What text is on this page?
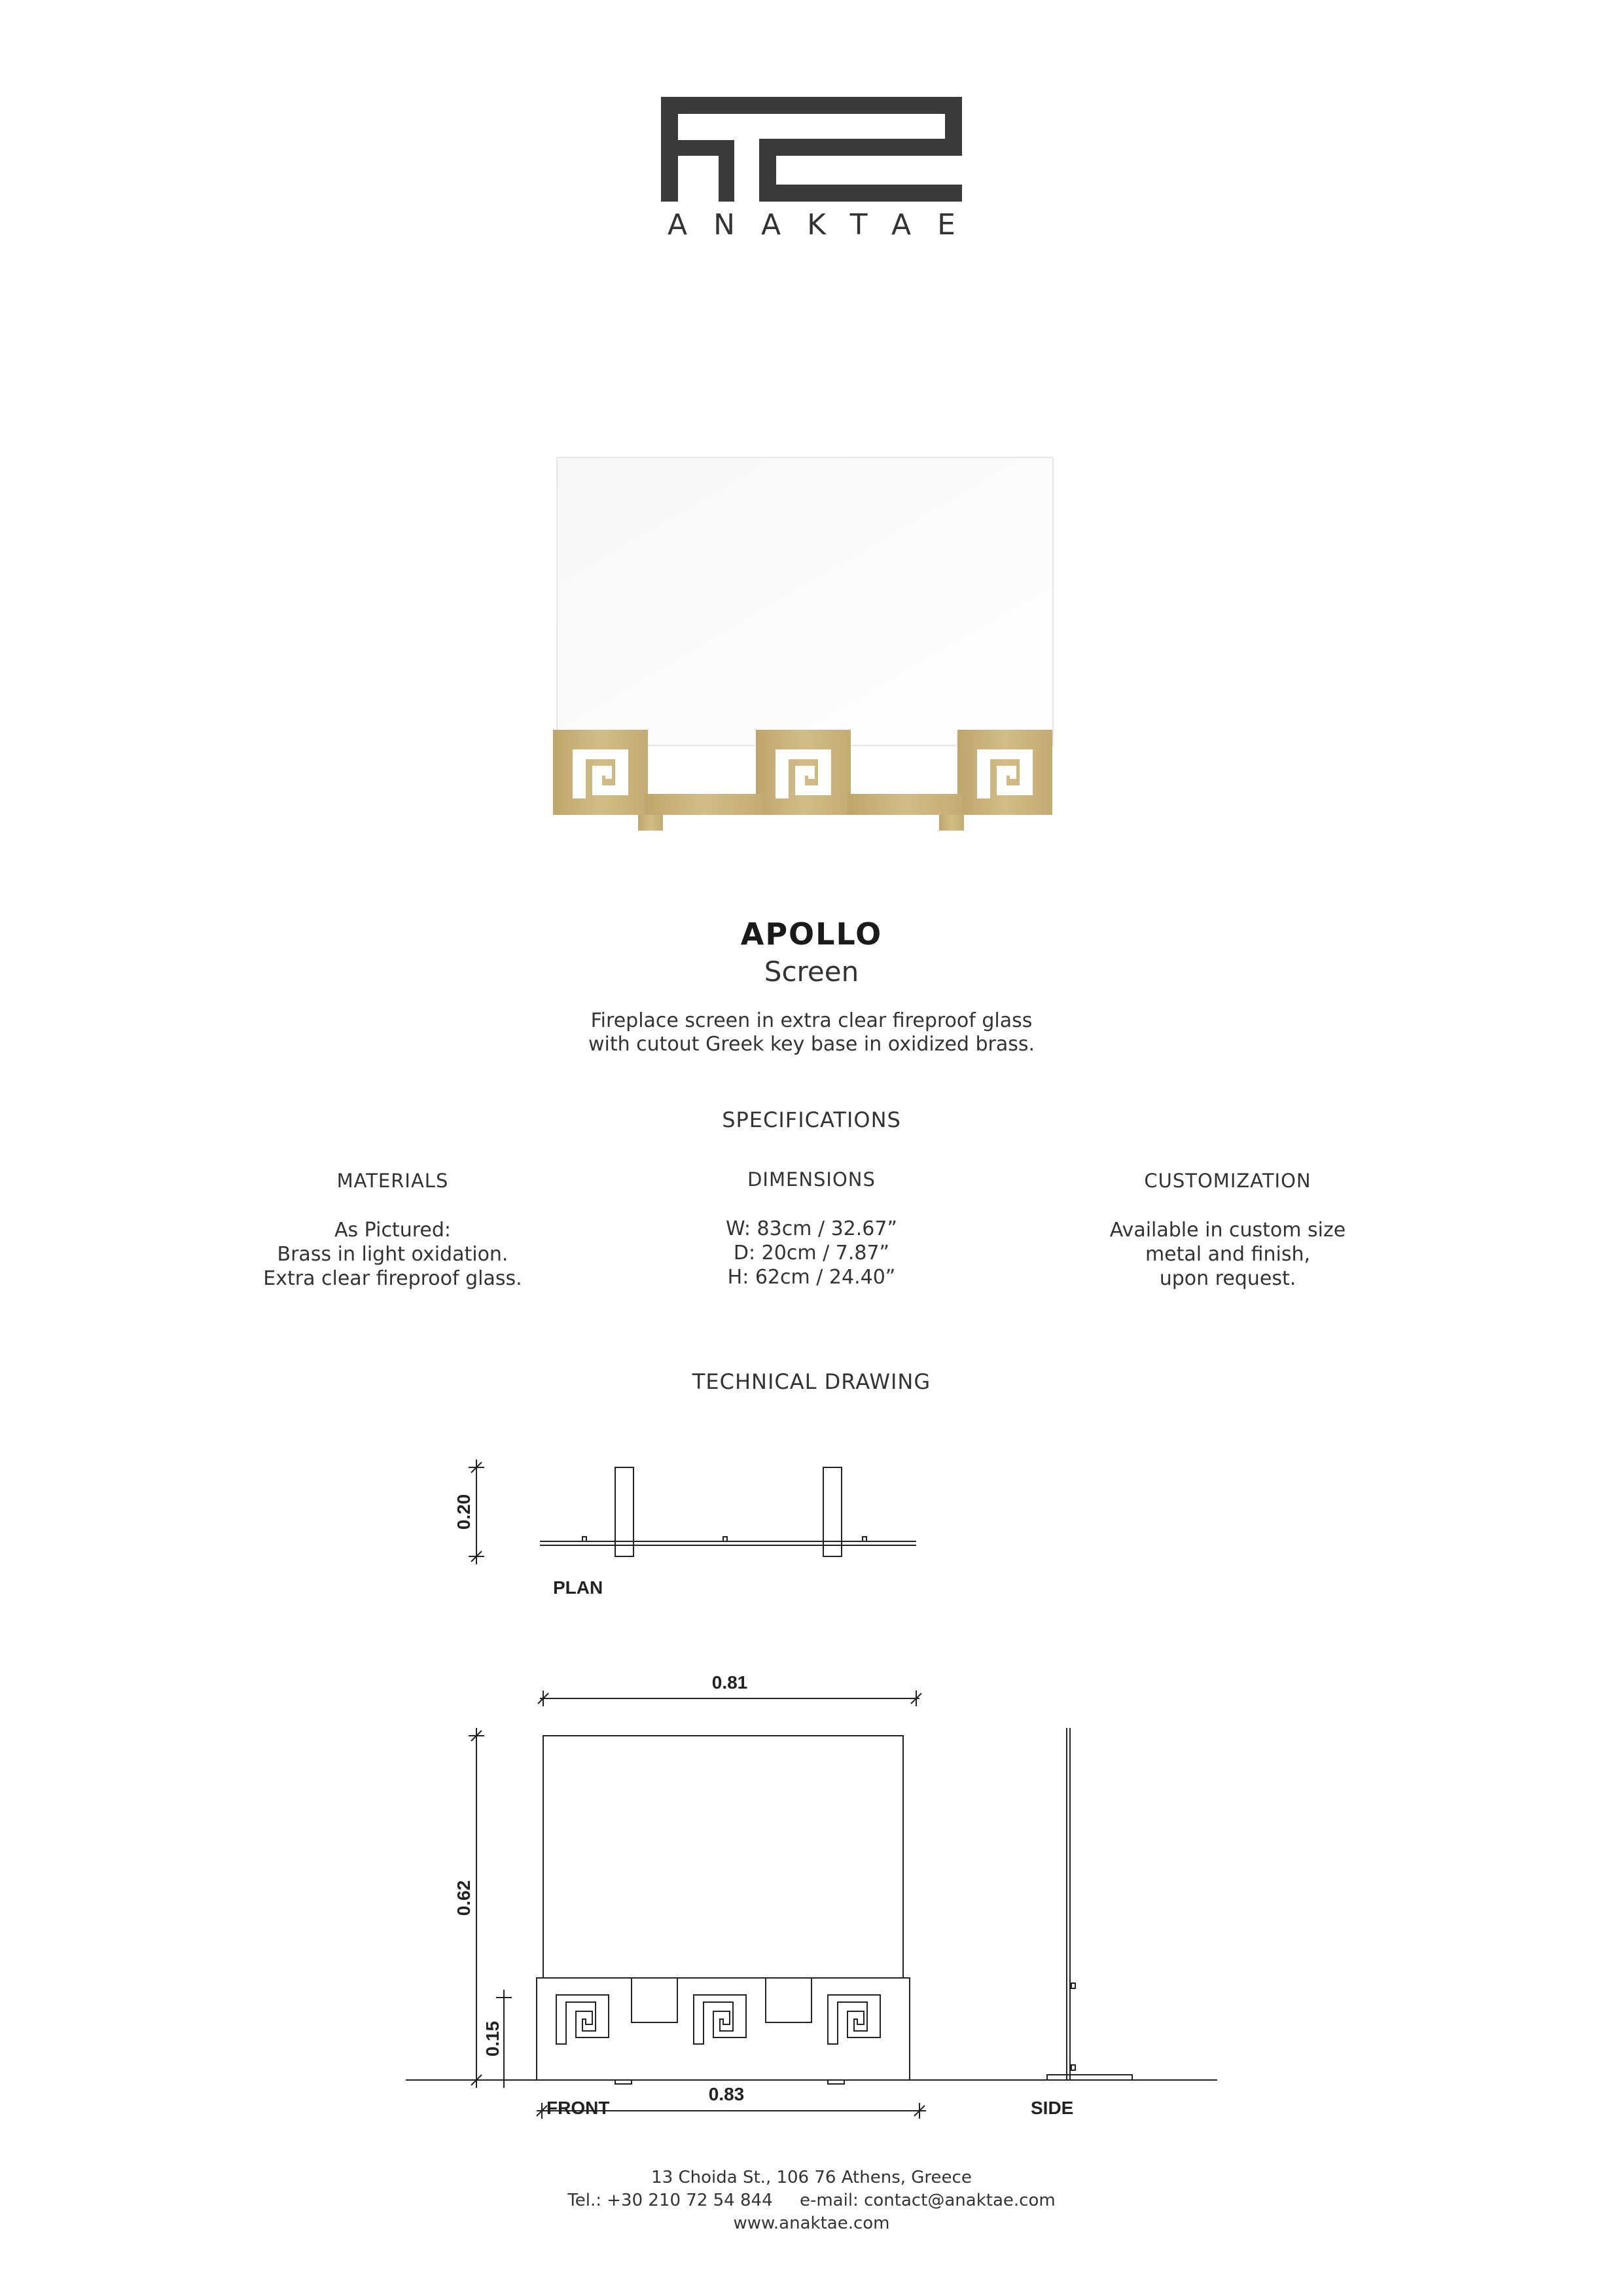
ANAKTAE
APOLLO
Screen
Fireplace screen in extra clear fireproof glass
with cutout Greek key base in oxidized brass.
SPECIFICATIONS
MATERIALS
As Pictured:
Brass in light oxidation.
Extra clear fireproof glass.
DIMENSIONS
W: 83cm / 32.67”
D: 20cm / 7.87”
H: 62cm / 24.40”
CUSTOMIZATION
Available in custom size
metal and finish,
upon request.
TECHNICAL DRAWING
0.20
PLAN
0.81
0.62
0.15
FRONT	SIDE
0.83
13 Choida St., 106 76 Athens, Greece
Tel.: +30 210 72 54 844 e-mail: contact@anaktae.com
www.anaktae.com
